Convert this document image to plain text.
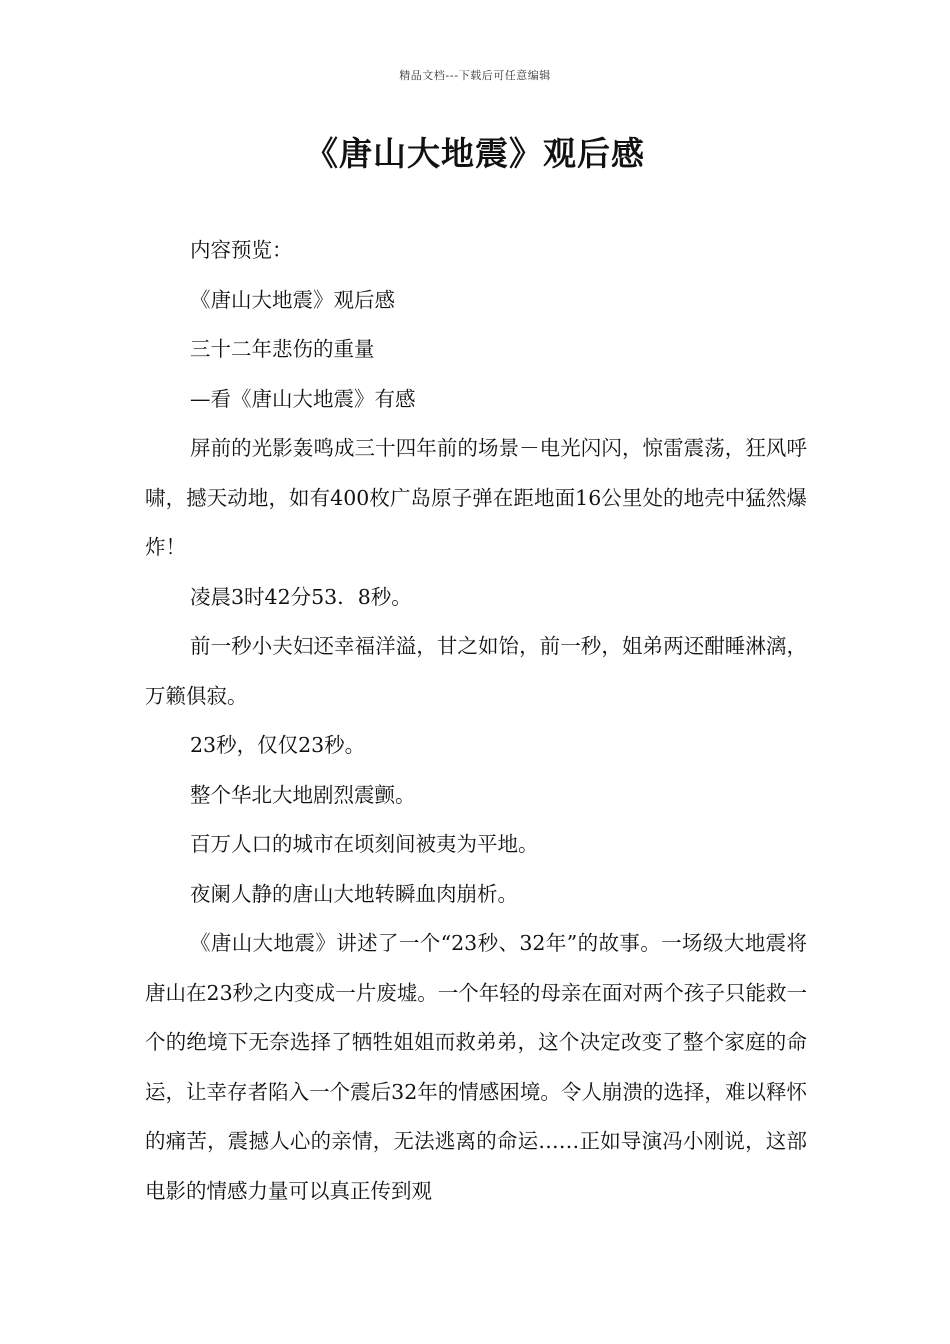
精品文档---下载后可任意编辑
《唐山大地震》观后感

内容预览：

《唐山大地震》观后感

三十二年悲伤的重量

—看《唐山大地震》有感

屏前的光影轰鸣成三十四年前的场景－电光闪闪，惊雷震荡，狂风呼啸，撼天动地，如有400枚广岛原子弹在距地面16公里处的地壳中猛然爆炸！

凌晨3时42分53．8秒。

前一秒小夫妇还幸福洋溢，甘之如饴，前一秒，姐弟两还酣睡淋漓，万籁俱寂。

23秒，仅仅23秒。

整个华北大地剧烈震颤。

百万人口的城市在顷刻间被夷为平地。

夜阑人静的唐山大地转瞬血肉崩析。

《唐山大地震》讲述了一个“23秒、32年”的故事。一场级大地震将唐山在23秒之内变成一片废墟。一个年轻的母亲在面对两个孩子只能救一个的绝境下无奈选择了牺牲姐姐而救弟弟，这个决定改变了整个家庭的命运，让幸存者陷入一个震后32年的情感困境。令人崩溃的选择，难以释怀的痛苦，震撼人心的亲情，无法逃离的命运……正如导演冯小刚说，这部电影的情感力量可以真正传到观
